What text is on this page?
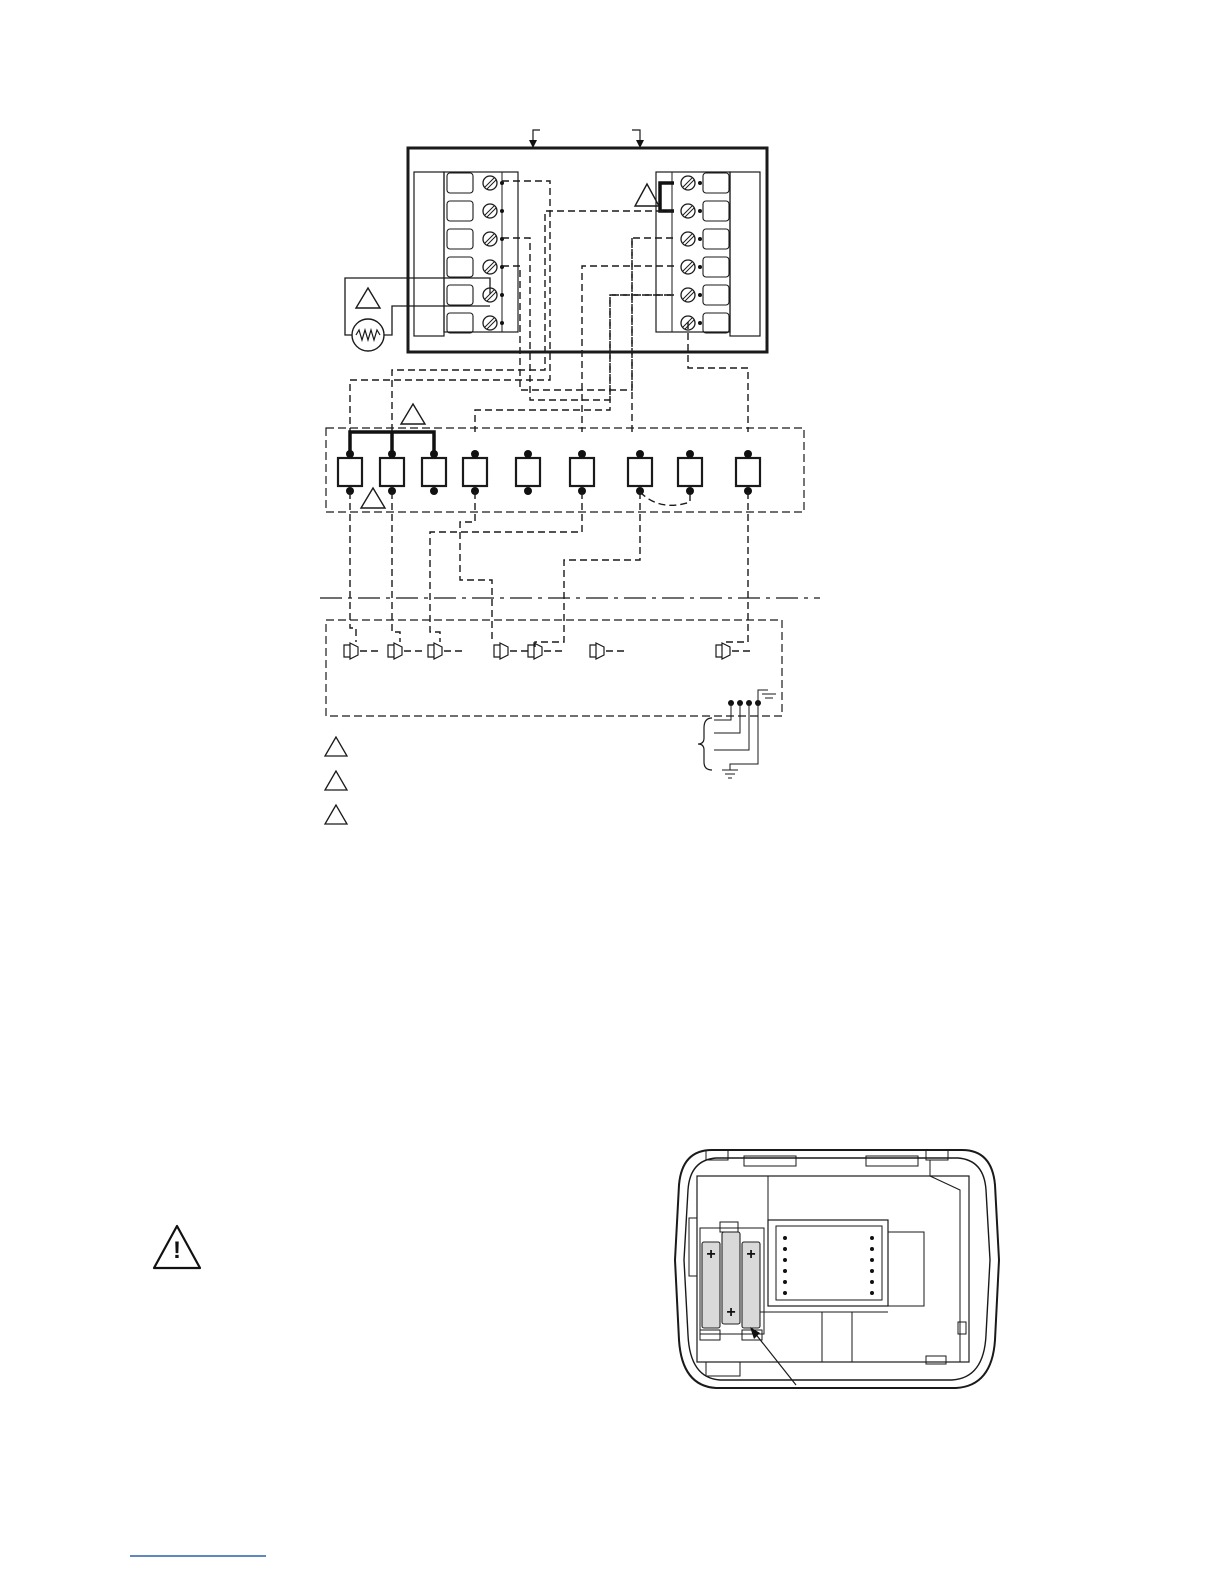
!	+
+
+
